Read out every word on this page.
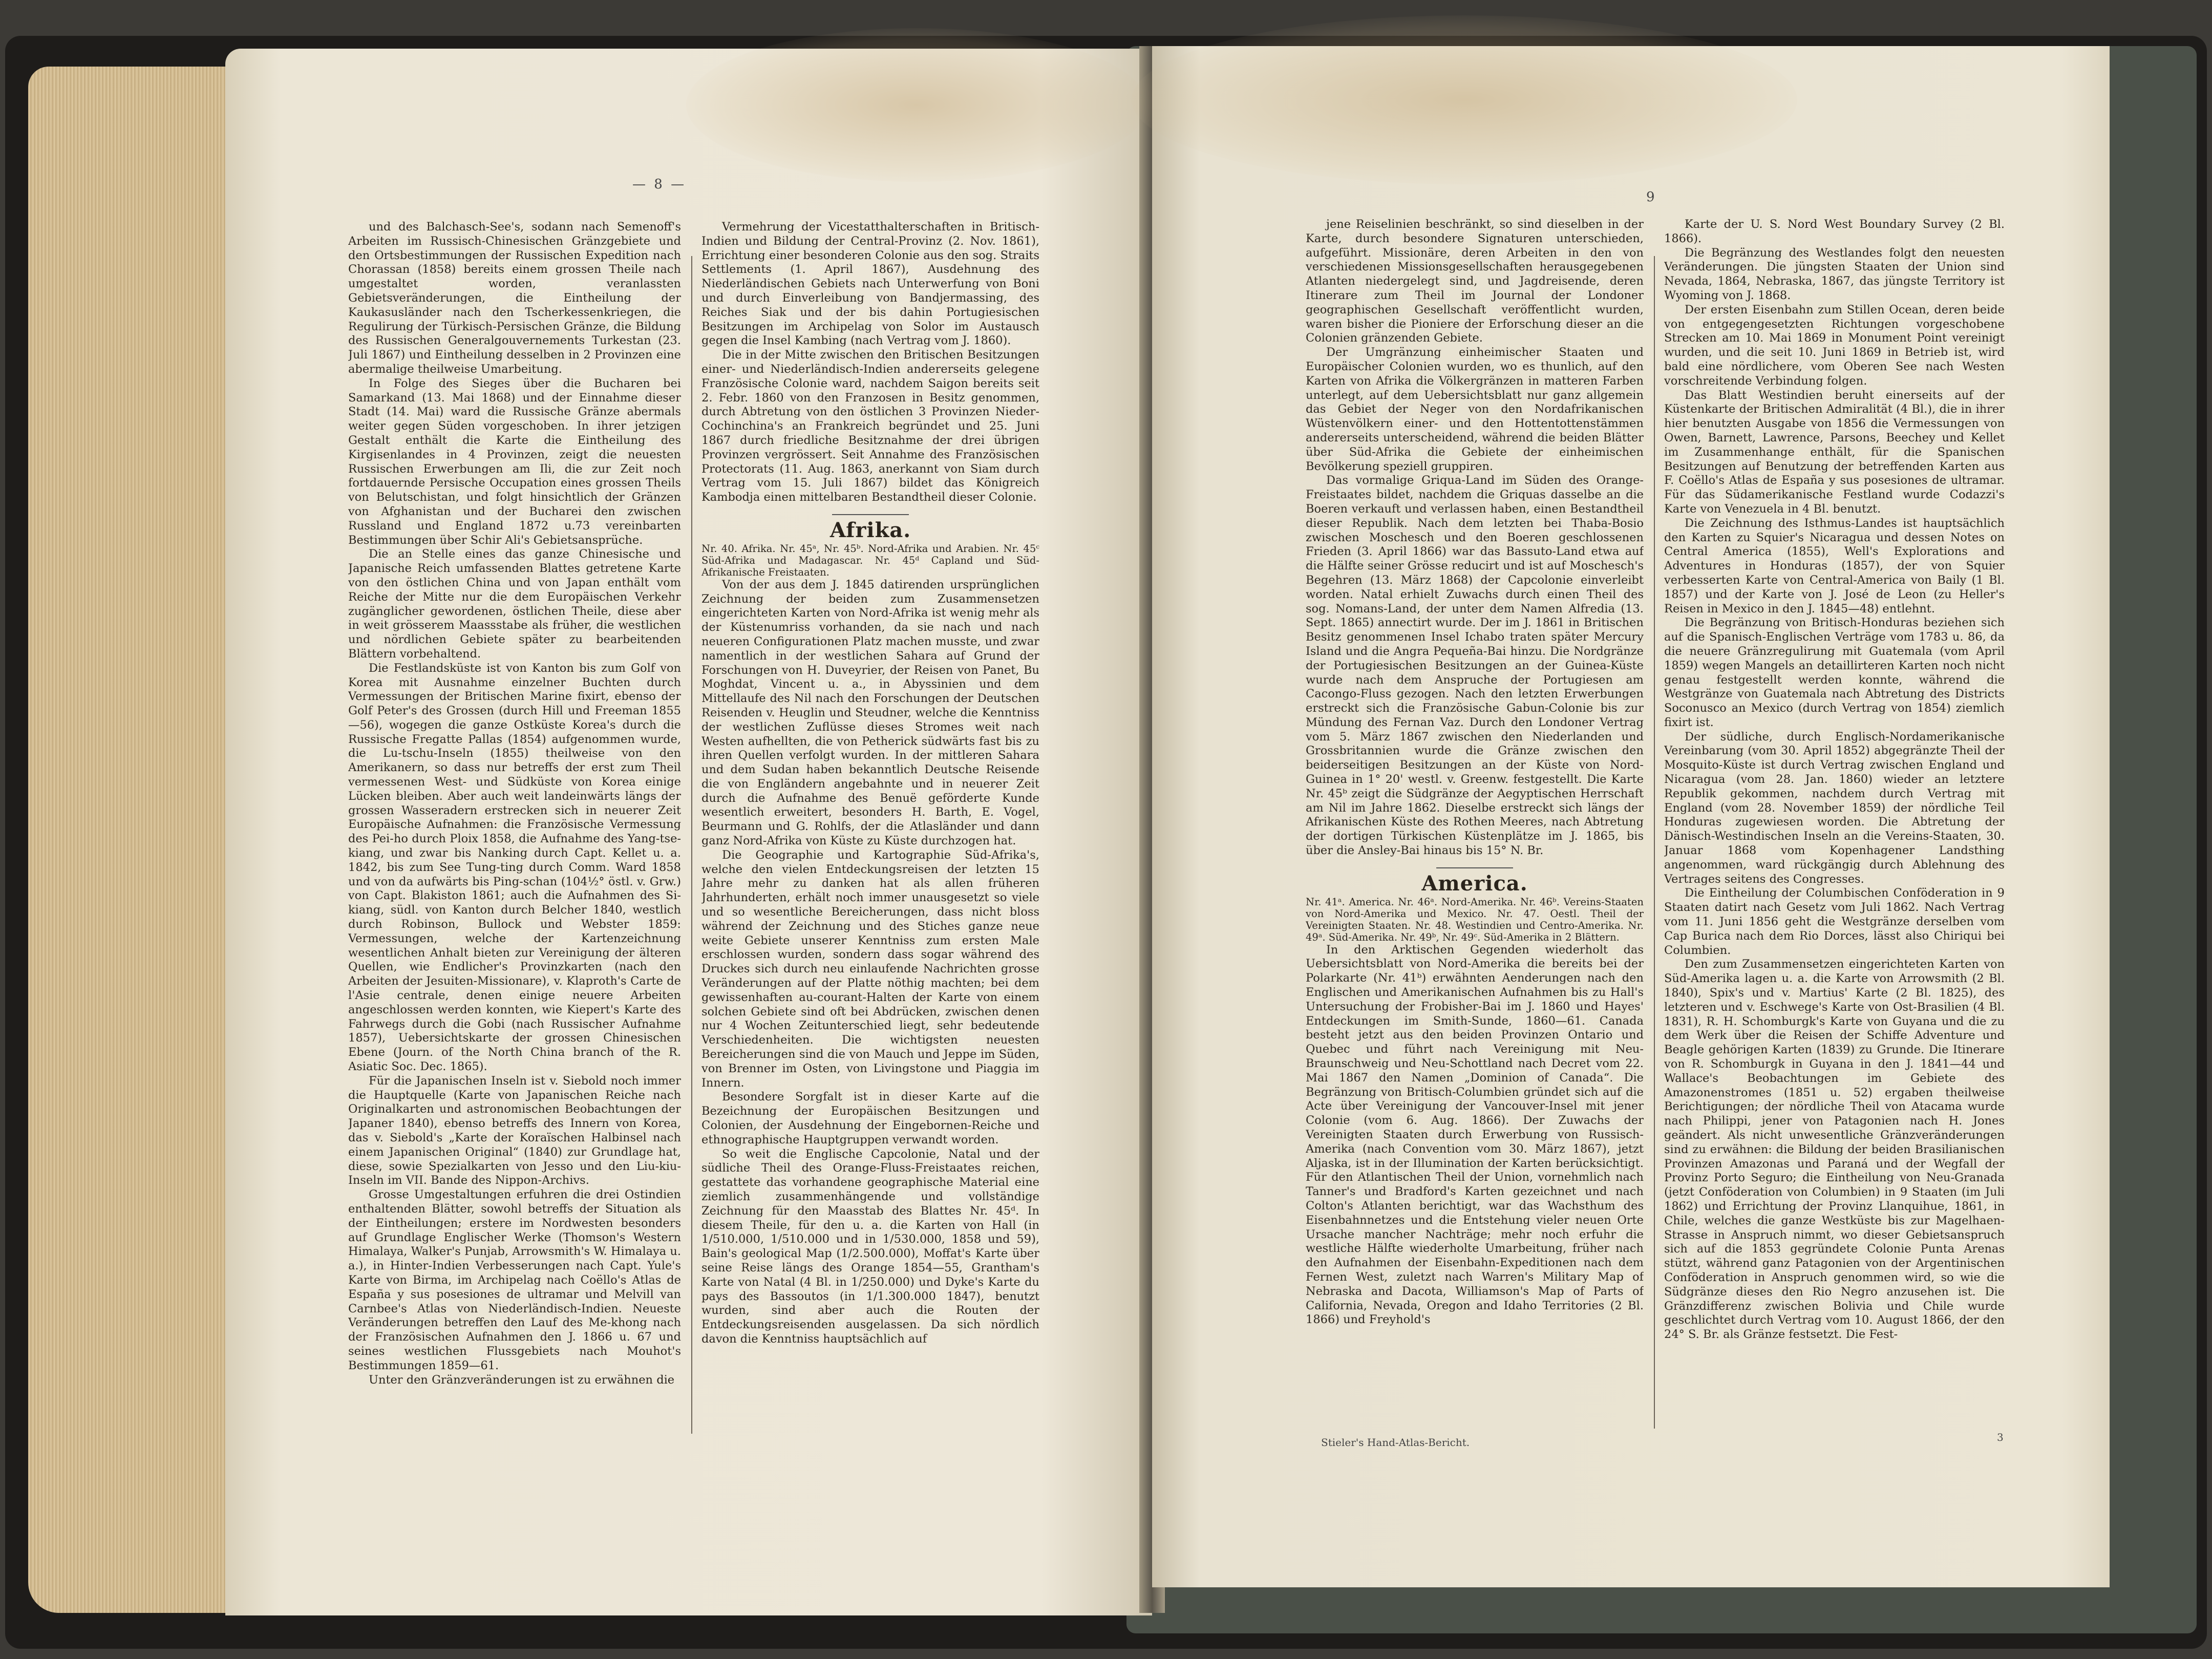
— 8 —

und des Balchasch-See's, sodann nach Semenoff's Arbeiten im Russisch-Chinesischen Gränzgebiete und den Ortsbestimmungen der Russischen Expedition nach Chorassan (1858) bereits einem grossen Theile nach umgestaltet worden, veranlassten Gebietsveränderungen, die Eintheilung der Kaukasusländer nach den Tscherkessenkriegen, die Regulirung der Türkisch-Persischen Gränze, die Bildung des Russischen Generalgouvernements Turkestan (23. Juli 1867) und Eintheilung desselben in 2 Provinzen eine abermalige theilweise Umarbeitung.

In Folge des Sieges über die Bucharen bei Samarkand (13. Mai 1868) und der Einnahme dieser Stadt (14. Mai) ward die Russische Gränze abermals weiter gegen Süden vorgeschoben. In ihrer jetzigen Gestalt enthält die Karte die Eintheilung des Kirgisenlandes in 4 Provinzen, zeigt die neuesten Russischen Erwerbungen am Ili, die zur Zeit noch fortdauernde Persische Occupation eines grossen Theils von Belutschistan, und folgt hinsichtlich der Gränzen von Afghanistan und der Bucharei den zwischen Russland und England 1872 u.73 vereinbarten Bestimmungen über Schir Ali's Gebietsansprüche.

Die an Stelle eines das ganze Chinesische und Japanische Reich umfassenden Blattes getretene Karte von den östlichen China und von Japan enthält vom Reiche der Mitte nur die dem Europäischen Verkehr zugänglicher gewordenen, östlichen Theile, diese aber in weit grösserem Maassstabe als früher, die westlichen und nördlichen Gebiete später zu bearbeitenden Blättern vorbehaltend.

Die Festlandsküste ist von Kanton bis zum Golf von Korea mit Ausnahme einzelner Buchten durch Vermessungen der Britischen Marine fixirt, ebenso der Golf Peter's des Grossen (durch Hill und Freeman 1855—56), wogegen die ganze Ostküste Korea's durch die Russische Fregatte Pallas (1854) aufgenommen wurde, die Lu-tschu-Inseln (1855) theilweise von den Amerikanern, so dass nur betreffs der erst zum Theil vermessenen West- und Südküste von Korea einige Lücken bleiben. Aber auch weit landeinwärts längs der grossen Wasseradern erstrecken sich in neuerer Zeit Europäische Aufnahmen: die Französische Vermessung des Pei-ho durch Ploix 1858, die Aufnahme des Yang-tse-kiang, und zwar bis Nanking durch Capt. Kellet u. a. 1842, bis zum See Tung-ting durch Comm. Ward 1858 und von da aufwärts bis Ping-schan (104½° östl. v. Grw.) von Capt. Blakiston 1861; auch die Aufnahmen des Si-kiang, südl. von Kanton durch Belcher 1840, westlich durch Robinson, Bullock und Webster 1859: Vermessungen, welche der Kartenzeichnung wesentlichen Anhalt bieten zur Vereinigung der älteren Quellen, wie Endlicher's Provinzkarten (nach den Arbeiten der Jesuiten-Missionare), v. Klaproth's Carte de l'Asie centrale, denen einige neuere Arbeiten angeschlossen werden konnten, wie Kiepert's Karte des Fahrwegs durch die Gobi (nach Russischer Aufnahme 1857), Uebersichtskarte der grossen Chinesischen Ebene (Journ. of the North China branch of the R. Asiatic Soc. Dec. 1865).

Für die Japanischen Inseln ist v. Siebold noch immer die Hauptquelle (Karte von Japanischen Reiche nach Originalkarten und astronomischen Beobachtungen der Japaner 1840), ebenso betreffs des Innern von Korea, das v. Siebold's „Karte der Koraïschen Halbinsel nach einem Japanischen Original“ (1840) zur Grundlage hat, diese, sowie Spezialkarten von Jesso und den Liu-kiu-Inseln im VII. Bande des Nippon-Archivs.

Grosse Umgestaltungen erfuhren die drei Ostindien enthaltenden Blätter, sowohl betreffs der Situation als der Eintheilungen; erstere im Nordwesten besonders auf Grundlage Englischer Werke (Thomson's Western Himalaya, Walker's Punjab, Arrowsmith's W. Himalaya u. a.), in Hinter-Indien Verbesserungen nach Capt. Yule's Karte von Birma, im Archipelag nach Coëllo's Atlas de España y sus posesiones de ultramar und Melvill van Carnbee's Atlas von Niederländisch-Indien. Neueste Veränderungen betreffen den Lauf des Me-khong nach der Französischen Aufnahmen den J. 1866 u. 67 und seines westlichen Flussgebiets nach Mouhot's Bestimmungen 1859—61.

Unter den Gränzveränderungen ist zu erwähnen die

Vermehrung der Vicestatthalterschaften in Britisch-Indien und Bildung der Central-Provinz (2. Nov. 1861), Errichtung einer besonderen Colonie aus den sog. Straits Settlements (1. April 1867), Ausdehnung des Niederländischen Gebiets nach Unterwerfung von Boni und durch Einverleibung von Bandjermassing, des Reiches Siak und der bis dahin Portugiesischen Besitzungen im Archipelag von Solor im Austausch gegen die Insel Kambing (nach Vertrag vom J. 1860).

Die in der Mitte zwischen den Britischen Besitzungen einer- und Niederländisch-Indien andererseits gelegene Französische Colonie ward, nachdem Saigon bereits seit 2. Febr. 1860 von den Franzosen in Besitz genommen, durch Abtretung von den östlichen 3 Provinzen Nieder-Cochinchina's an Frankreich begründet und 25. Juni 1867 durch friedliche Besitznahme der drei übrigen Provinzen vergrössert. Seit Annahme des Französischen Protectorats (11. Aug. 1863, anerkannt von Siam durch Vertrag vom 15. Juli 1867) bildet das Königreich Kambodja einen mittelbaren Bestandtheil dieser Colonie.

Afrika.

Nr. 40. Afrika. Nr. 45ᵃ, Nr. 45ᵇ. Nord-Afrika und Arabien. Nr. 45ᶜ Süd-Afrika und Madagascar. Nr. 45ᵈ Capland und Süd-Afrikanische Freistaaten.

Von der aus dem J. 1845 datirenden ursprünglichen Zeichnung der beiden zum Zusammensetzen eingerichteten Karten von Nord-Afrika ist wenig mehr als der Küstenumriss vorhanden, da sie nach und nach neueren Configurationen Platz machen musste, und zwar namentlich in der westlichen Sahara auf Grund der Forschungen von H. Duveyrier, der Reisen von Panet, Bu Moghdat, Vincent u. a., in Abyssinien und dem Mittellaufe des Nil nach den Forschungen der Deutschen Reisenden v. Heuglin und Steudner, welche die Kenntniss der westlichen Zuflüsse dieses Stromes weit nach Westen aufhellten, die von Petherick südwärts fast bis zu ihren Quellen verfolgt wurden. In der mittleren Sahara und dem Sudan haben bekanntlich Deutsche Reisende die von Engländern angebahnte und in neuerer Zeit durch die Aufnahme des Benuë geförderte Kunde wesentlich erweitert, besonders H. Barth, E. Vogel, Beurmann und G. Rohlfs, der die Atlasländer und dann ganz Nord-Afrika von Küste zu Küste durchzogen hat.

Die Geographie und Kartographie Süd-Afrika's, welche den vielen Entdeckungsreisen der letzten 15 Jahre mehr zu danken hat als allen früheren Jahrhunderten, erhält noch immer unausgesetzt so viele und so wesentliche Bereicherungen, dass nicht bloss während der Zeichnung und des Stiches ganze neue weite Gebiete unserer Kenntniss zum ersten Male erschlossen wurden, sondern dass sogar während des Druckes sich durch neu einlaufende Nachrichten grosse Veränderungen auf der Platte nöthig machten; bei dem gewissenhaften au-courant-Halten der Karte von einem solchen Gebiete sind oft bei Abdrücken, zwischen denen nur 4 Wochen Zeitunterschied liegt, sehr bedeutende Verschiedenheiten. Die wichtigsten neuesten Bereicherungen sind die von Mauch und Jeppe im Süden, von Brenner im Osten, von Livingstone und Piaggia im Innern.

Besondere Sorgfalt ist in dieser Karte auf die Bezeichnung der Europäischen Besitzungen und Colonien, der Ausdehnung der Eingebornen-Reiche und ethnographische Hauptgruppen verwandt worden.

So weit die Englische Capcolonie, Natal und der südliche Theil des Orange-Fluss-Freistaates reichen, gestattete das vorhandene geographische Material eine ziemlich zusammenhängende und vollständige Zeichnung für den Maasstab des Blattes Nr. 45ᵈ. In diesem Theile, für den u. a. die Karten von Hall (in 1/510.000, 1/510.000 und in 1/530.000, 1858 und 59), Bain's geological Map (1/2.500.000), Moffat's Karte über seine Reise längs des Orange 1854—55, Grantham's Karte von Natal (4 Bl. in 1/250.000) und Dyke's Karte du pays des Bassoutos (in 1/1.300.000 1847), benutzt wurden, sind aber auch die Routen der Entdeckungsreisenden ausgelassen. Da sich nördlich davon die Kenntniss hauptsächlich auf

9

jene Reiselinien beschränkt, so sind dieselben in der Karte, durch besondere Signaturen unterschieden, aufgeführt. Missionäre, deren Arbeiten in den von verschiedenen Missionsgesellschaften herausgegebenen Atlanten niedergelegt sind, und Jagdreisende, deren Itinerare zum Theil im Journal der Londoner geographischen Gesellschaft veröffentlicht wurden, waren bisher die Pioniere der Erforschung dieser an die Colonien gränzenden Gebiete.

Der Umgränzung einheimischer Staaten und Europäischer Colonien wurden, wo es thunlich, auf den Karten von Afrika die Völkergränzen in matteren Farben unterlegt, auf dem Uebersichtsblatt nur ganz allgemein das Gebiet der Neger von den Nordafrikanischen Wüstenvölkern einer- und den Hottentottenstämmen andererseits unterscheidend, während die beiden Blätter über Süd-Afrika die Gebiete der einheimischen Bevölkerung speziell gruppiren.

Das vormalige Griqua-Land im Süden des Orange-Freistaates bildet, nachdem die Griquas dasselbe an die Boeren verkauft und verlassen haben, einen Bestandtheil dieser Republik. Nach dem letzten bei Thaba-Bosio zwischen Moschesch und den Boeren geschlossenen Frieden (3. April 1866) war das Bassuto-Land etwa auf die Hälfte seiner Grösse reducirt und ist auf Moschesch's Begehren (13. März 1868) der Capcolonie einverleibt worden. Natal erhielt Zuwachs durch einen Theil des sog. Nomans-Land, der unter dem Namen Alfredia (13. Sept. 1865) annectirt wurde. Der im J. 1861 in Britischen Besitz genommenen Insel Ichabo traten später Mercury Island und die Angra Pequeña-Bai hinzu. Die Nordgränze der Portugiesischen Besitzungen an der Guinea-Küste wurde nach dem Anspruche der Portugiesen am Cacongo-Fluss gezogen. Nach den letzten Erwerbungen erstreckt sich die Französische Gabun-Colonie bis zur Mündung des Fernan Vaz. Durch den Londoner Vertrag vom 5. März 1867 zwischen den Niederlanden und Grossbritannien wurde die Gränze zwischen den beiderseitigen Besitzungen an der Küste von Nord-Guinea in 1° 20' westl. v. Greenw. festgestellt. Die Karte Nr. 45ᵇ zeigt die Südgränze der Aegyptischen Herrschaft am Nil im Jahre 1862. Dieselbe erstreckt sich längs der Afrikanischen Küste des Rothen Meeres, nach Abtretung der dortigen Türkischen Küstenplätze im J. 1865, bis über die Ansley-Bai hinaus bis 15° N. Br.

America.

Nr. 41ᵃ. America. Nr. 46ᵃ. Nord-Amerika. Nr. 46ᵇ. Vereins-Staaten von Nord-Amerika und Mexico. Nr. 47. Oestl. Theil der Vereinigten Staaten. Nr. 48. Westindien und Centro-Amerika. Nr. 49ᵃ. Süd-Amerika. Nr. 49ᵇ, Nr. 49ᶜ. Süd-Amerika in 2 Blättern.

In den Arktischen Gegenden wiederholt das Uebersichtsblatt von Nord-Amerika die bereits bei der Polarkarte (Nr. 41ᵇ) erwähnten Aenderungen nach den Englischen und Amerikanischen Aufnahmen bis zu Hall's Untersuchung der Frobisher-Bai im J. 1860 und Hayes' Entdeckungen im Smith-Sunde, 1860—61. Canada besteht jetzt aus den beiden Provinzen Ontario und Quebec und führt nach Vereinigung mit Neu-Braunschweig und Neu-Schottland nach Decret vom 22. Mai 1867 den Namen „Dominion of Canada“. Die Begränzung von Britisch-Columbien gründet sich auf die Acte über Vereinigung der Vancouver-Insel mit jener Colonie (vom 6. Aug. 1866). Der Zuwachs der Vereinigten Staaten durch Erwerbung von Russisch-Amerika (nach Convention vom 30. März 1867), jetzt Aljaska, ist in der Illumination der Karten berücksichtigt. Für den Atlantischen Theil der Union, vornehmlich nach Tanner's und Bradford's Karten gezeichnet und nach Colton's Atlanten berichtigt, war das Wachsthum des Eisenbahnnetzes und die Entstehung vieler neuen Orte Ursache mancher Nachträge; mehr noch erfuhr die westliche Hälfte wiederholte Umarbeitung, früher nach den Aufnahmen der Eisenbahn-Expeditionen nach dem Fernen West, zuletzt nach Warren's Military Map of Nebraska and Dacota, Williamson's Map of Parts of California, Nevada, Oregon and Idaho Territories (2 Bl. 1866) und Freyhold's

Karte der U. S. Nord West Boundary Survey (2 Bl. 1866).

Die Begränzung des Westlandes folgt den neuesten Veränderungen. Die jüngsten Staaten der Union sind Nevada, 1864, Nebraska, 1867, das jüngste Territory ist Wyoming von J. 1868.

Der ersten Eisenbahn zum Stillen Ocean, deren beide von entgegengesetzten Richtungen vorgeschobene Strecken am 10. Mai 1869 in Monument Point vereinigt wurden, und die seit 10. Juni 1869 in Betrieb ist, wird bald eine nördlichere, vom Oberen See nach Westen vorschreitende Verbindung folgen.

Das Blatt Westindien beruht einerseits auf der Küstenkarte der Britischen Admiralität (4 Bl.), die in ihrer hier benutzten Ausgabe von 1856 die Vermessungen von Owen, Barnett, Lawrence, Parsons, Beechey und Kellet im Zusammenhange enthält, für die Spanischen Besitzungen auf Benutzung der betreffenden Karten aus F. Coëllo's Atlas de España y sus posesiones de ultramar. Für das Südamerikanische Festland wurde Codazzi's Karte von Venezuela in 4 Bl. benutzt.

Die Zeichnung des Isthmus-Landes ist hauptsächlich den Karten zu Squier's Nicaragua und dessen Notes on Central America (1855), Well's Explorations and Adventures in Honduras (1857), der von Squier verbesserten Karte von Central-America von Baily (1 Bl. 1857) und der Karte von J. José de Leon (zu Heller's Reisen in Mexico in den J. 1845—48) entlehnt.

Die Begränzung von Britisch-Honduras beziehen sich auf die Spanisch-Englischen Verträge vom 1783 u. 86, da die neuere Gränzregulirung mit Guatemala (vom April 1859) wegen Mangels an detaillirteren Karten noch nicht genau festgestellt werden konnte, während die Westgränze von Guatemala nach Abtretung des Districts Soconusco an Mexico (durch Vertrag von 1854) ziemlich fixirt ist.

Der südliche, durch Englisch-Nordamerikanische Vereinbarung (vom 30. April 1852) abgegränzte Theil der Mosquito-Küste ist durch Vertrag zwischen England und Nicaragua (vom 28. Jan. 1860) wieder an letztere Republik gekommen, nachdem durch Vertrag mit England (vom 28. November 1859) der nördliche Teil Honduras zugewiesen worden. Die Abtretung der Dänisch-Westindischen Inseln an die Vereins-Staaten, 30. Januar 1868 vom Kopenhagener Landsthing angenommen, ward rückgängig durch Ablehnung des Vertrages seitens des Congresses.

Die Eintheilung der Columbischen Conföderation in 9 Staaten datirt nach Gesetz vom Juli 1862. Nach Vertrag vom 11. Juni 1856 geht die Westgränze derselben vom Cap Burica nach dem Rio Dorces, lässt also Chiriqui bei Columbien.

Den zum Zusammensetzen eingerichteten Karten von Süd-Amerika lagen u. a. die Karte von Arrowsmith (2 Bl. 1840), Spix's und v. Martius' Karte (2 Bl. 1825), des letzteren und v. Eschwege's Karte von Ost-Brasilien (4 Bl. 1831), R. H. Schomburgk's Karte von Guyana und die zu dem Werk über die Reisen der Schiffe Adventure und Beagle gehörigen Karten (1839) zu Grunde. Die Itinerare von R. Schomburgk in Guyana in den J. 1841—44 und Wallace's Beobachtungen im Gebiete des Amazonenstromes (1851 u. 52) ergaben theilweise Berichtigungen; der nördliche Theil von Atacama wurde nach Philippi, jener von Patagonien nach H. Jones geändert. Als nicht unwesentliche Gränzveränderungen sind zu erwähnen: die Bildung der beiden Brasilianischen Provinzen Amazonas und Paraná und der Wegfall der Provinz Porto Seguro; die Eintheilung von Neu-Granada (jetzt Conföderation von Columbien) in 9 Staaten (im Juli 1862) und Errichtung der Provinz Llanquihue, 1861, in Chile, welches die ganze Westküste bis zur Magelhaen-Strasse in Anspruch nimmt, wo dieser Gebietsanspruch sich auf die 1853 gegründete Colonie Punta Arenas stützt, während ganz Patagonien von der Argentinischen Conföderation in Anspruch genommen wird, so wie die Südgränze dieses den Rio Negro anzusehen ist. Die Gränzdifferenz zwischen Bolivia und Chile wurde geschlichtet durch Vertrag vom 10. August 1866, der den 24° S. Br. als Gränze festsetzt. Die Fest-

Stieler's Hand-Atlas-Bericht.	3
